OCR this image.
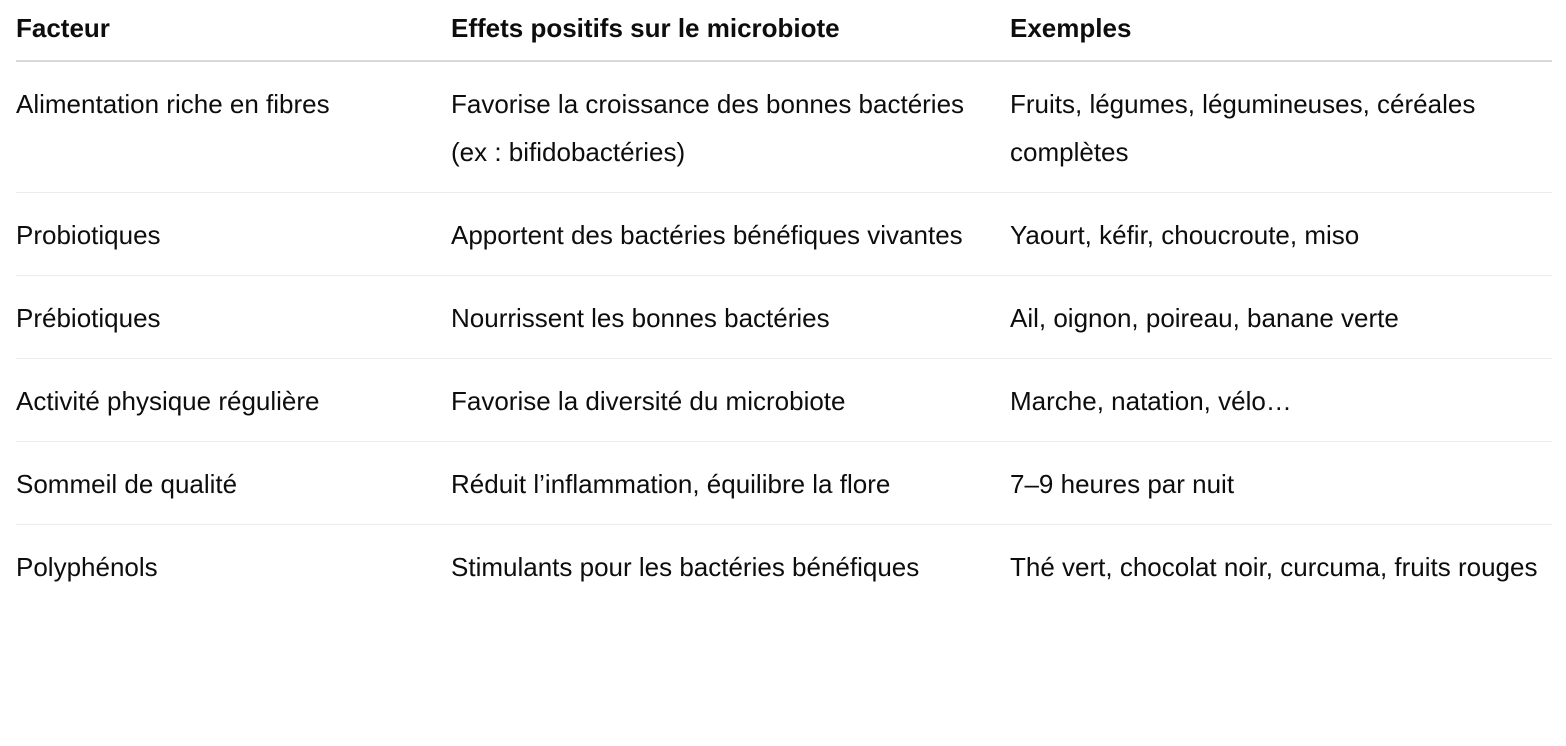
Facteur	Effets positifs sur le microbiote	Exemples
Alimentation riche en fibres	Favorise la croissance des bonnes bactéries (ex : bifidobactéries)	Fruits, légumes, légumineuses, céréales complètes
Probiotiques	Apportent des bactéries bénéfiques vivantes	Yaourt, kéfir, choucroute, miso
Prébiotiques	Nourrissent les bonnes bactéries	Ail, oignon, poireau, banane verte
Activité physique régulière	Favorise la diversité du microbiote	Marche, natation, vélo…
Sommeil de qualité	Réduit l’inflammation, équilibre la flore	7–9 heures par nuit
Polyphénols	Stimulants pour les bactéries bénéfiques	Thé vert, chocolat noir, curcuma, fruits rouges
